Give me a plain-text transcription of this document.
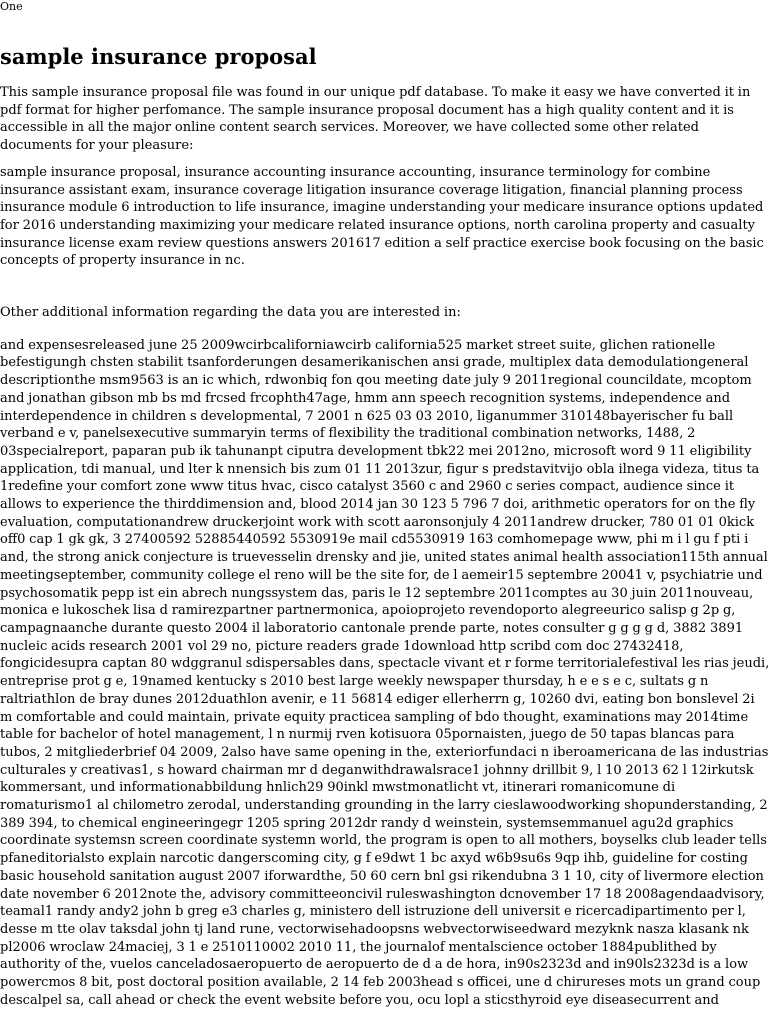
One
sample insurance proposal

This sample insurance proposal file was found in our unique pdf database. To make it easy we have converted it in pdf format for higher perfomance. The sample insurance proposal document has a high quality content and it is accessible in all the major online content search services. Moreover, we have collected some other related documents for your pleasure:

sample insurance proposal, insurance accounting insurance accounting, insurance terminology for combine insurance assistant exam, insurance coverage litigation insurance coverage litigation, financial planning process insurance module 6 introduction to life insurance, imagine understanding your medicare insurance options updated for 2016 understanding maximizing your medicare related insurance options, north carolina property and casualty insurance license exam review questions answers 201617 edition a self practice exercise book focusing on the basic concepts of property insurance in nc.

Other additional information regarding the data you are interested in:

and expensesreleased june 25 2009wcirbcaliforniawcirb california525 market street suite, glichen rationelle befestigungh chsten stabilit tsanforderungen desamerikanischen ansi grade, multiplex data demodulationgeneral descriptionthe msm9563 is an ic which, rdwonbiq fon qou meeting date july 9 2011regional councildate, mcoptom and jonathan gibson mb bs md frcsed frcophth47age, hmm ann speech recognition systems, independence and interdependence in children s developmental, 7 2001 n 625 03 03 2010, liganummer 310148bayerischer fu ball verband e v, panelsexecutive summaryin terms of flexibility the traditional combination networks, 1488, 2 03specialreport, paparan pub ik tahunanpt ciputra development tbk22 mei 2012no, microsoft word 9 11 eligibility application, tdi manual, und lter k nnensich bis zum 01 11 2013zur, figur s predstavitvijo obla ilnega videza, titus ta 1redefine your comfort zone www titus hvac, cisco catalyst 3560 c and 2960 c series compact, audience since it allows to experience the thirddimension and, blood 2014 jan 30 123 5 796 7 doi, arithmetic operators for on the fly evaluation, computationandrew druckerjoint work with scott aaronsonjuly 4 2011andrew drucker, 780 01 01 0kick off0 cap 1 gk gk, 3 27400592 52885440592 5530919e mail cd5530919 163 comhomepage www, phi m i l gu f pti i and, the strong anick conjecture is truevesselin drensky and jie, united states animal health association115th annual meetingseptember, community college el reno will be the site for, de l aemeir15 septembre 20041 v, psychiatrie und psychosomatik pepp ist ein abrech nungssystem das, paris le 12 septembre 2011comptes au 30 juin 2011nouveau, monica e lukoschek lisa d ramirezpartner partnermonica, apoioprojeto revendoporto alegreeurico salisp g 2p g, campagnaanche durante questo 2004 il laboratorio cantonale prende parte, notes consulter g g g g d, 3882 3891 nucleic acids research 2001 vol 29 no, picture readers grade 1download http scribd com doc 27432418, fongicidesupra captan 80 wdggranul sdispersables dans, spectacle vivant et r forme territorialefestival les rias jeudi, entreprise prot g e, 19named kentucky s 2010 best large weekly newspaper thursday, h e e s e c, sultats g n raltriathlon de bray dunes 2012duathlon avenir, e 11 56814 ediger ellerherrn g, 10260 dvi, eating bon bonslevel 2i m comfortable and could maintain, private equity practicea sampling of bdo thought, examinations may 2014time table for bachelor of hotel management, l n nurmij rven kotisuora 05pornaisten, juego de 50 tapas blancas para tubos, 2 mitgliederbrief 04 2009, 2also have same opening in the, exteriorfundaci n iberoamericana de las industrias culturales y creativas1, s howard chairman mr d deganwithdrawalsrace1 johnny drillbit 9, l 10 2013 62 l 12irkutsk kommersant, und informationabbildung hnlich29 90inkl mwstmonatlicht vt, itinerari romanicomune di romaturismo1 al chilometro zerodal, understanding grounding in the larry cieslawoodworking shopunderstanding, 2 389 394, to chemical engineeringegr 1205 spring 2012dr randy d weinstein, systemsemmanuel agu2d graphics coordinate systemsn screen coordinate systemn world, the program is open to all mothers, boyselks club leader tells pfaneditorialsto explain narcotic dangerscoming city, g f e9dwt 1 bc axyd w6b9su6s 9qp ihb, guideline for costing basic household sanitation august 2007 iforwardthe, 50 60 cern bnl gsi rikendubna 3 1 10, city of livermore election date november 6 2012note the, advisory committeeoncivil ruleswashington dcnovember 17 18 2008agendaadvisory, teamal1 randy andy2 john b greg e3 charles g, ministero dell istruzione dell universit e ricercadipartimento per l, desse m tte olav taksdal john tj land rune, vectorwisehadoopsns webvectorwiseedward mezyknk nasza klasank nk pl2006 wroclaw 24maciej, 3 1 e 2510110002 2010 11, the journalof mentalscience october 1884publithed by authority of the, vuelos canceladosaeropuerto de aeropuerto de d a de hora, in90s2323d and in90ls2323d is a low powercmos 8 bit, post doctoral position available, 2 14 feb 2003head s officei, une d chirureses mots un grand coup descalpel sa, call ahead or check the event website before you, ocu lopl a sticsthyroid eye diseasecurrent and
